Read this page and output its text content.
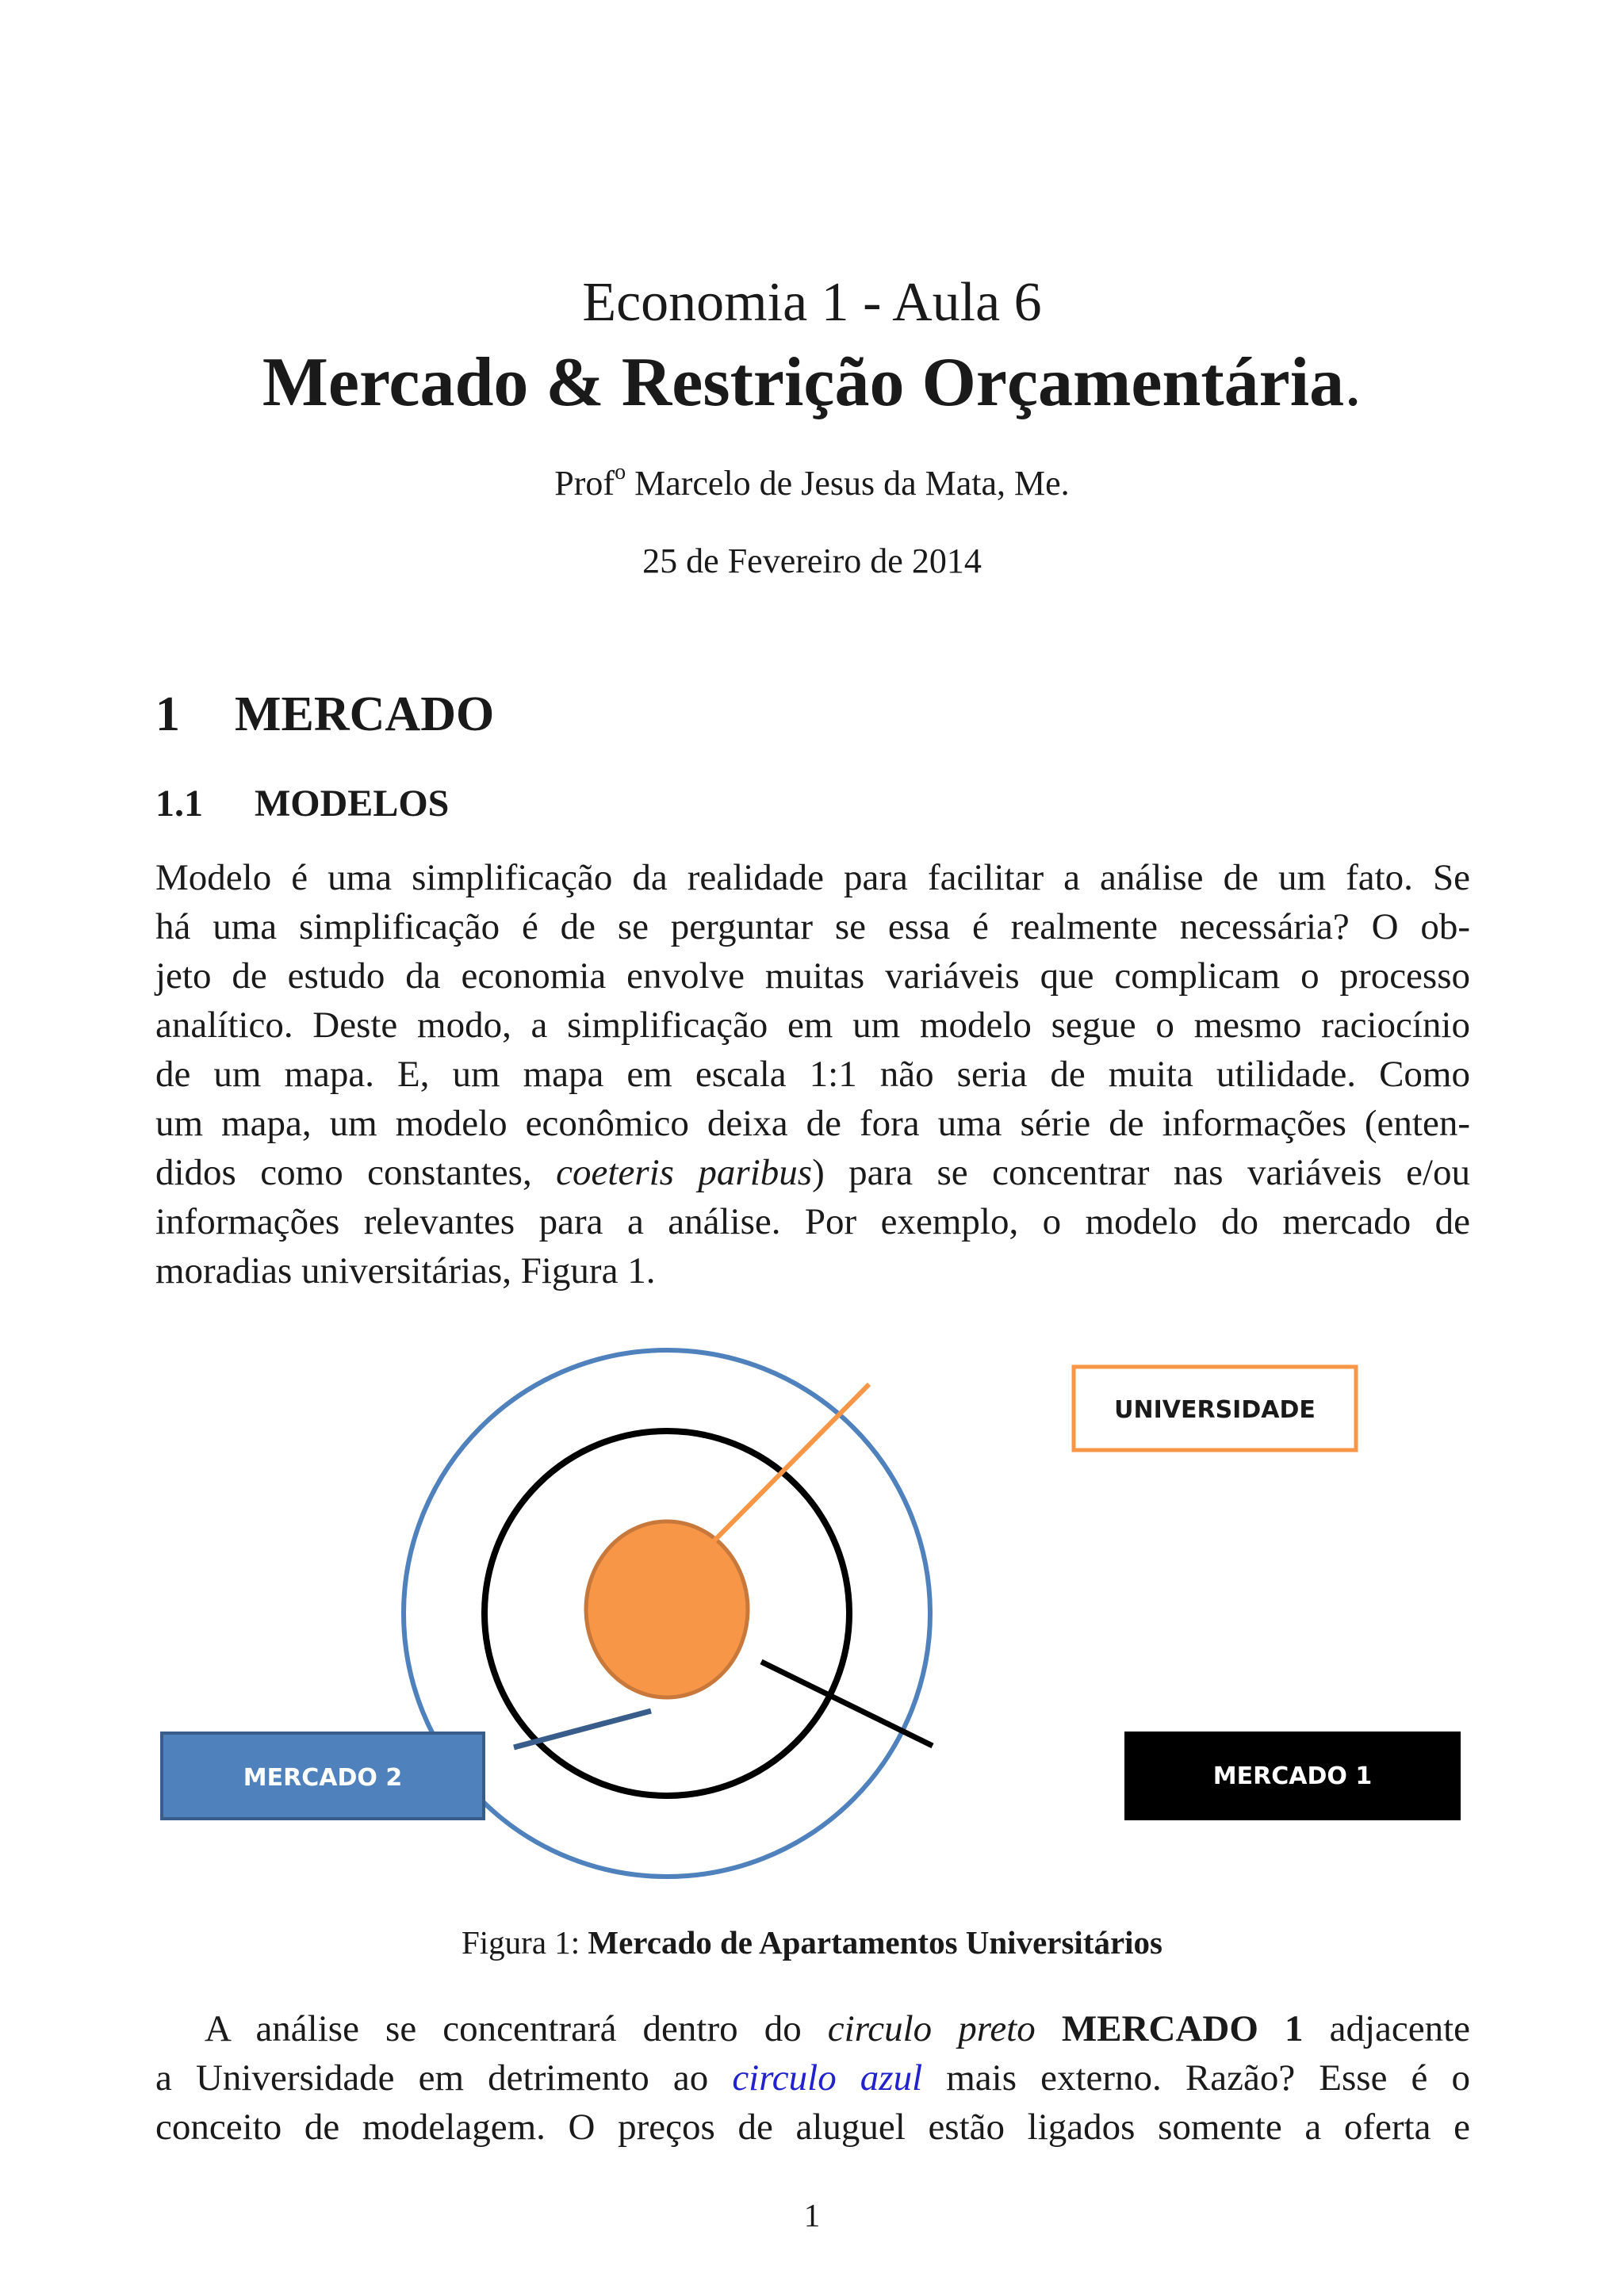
Economia 1 - Aula 6
Mercado & Restrição Orçamentária.
Prof$^o$ Marcelo de Jesus da Mata, Me.
25 de Fevereiro de 2014
1 MERCADO
1.1 MODELOS
Modelo é uma simplificação da realidade para facilitar a análise de um fato. Se
há uma simplificação é de se perguntar se essa é realmente necessária? O ob-
jeto de estudo da economia envolve muitas variáveis que complicam o processo
analítico. Deste modo, a simplificação em um modelo segue o mesmo raciocínio
de um mapa. E, um mapa em escala 1:1 não seria de muita utilidade. Como
um mapa, um modelo econômico deixa de fora uma série de informações (enten-
didos como constantes, coeteris paribus) para se concentrar nas variáveis e/ou
informações relevantes para a análise. Por exemplo, o modelo do mercado de
moradias universitárias, Figura 1.
UNIVERSIDADE
MERCADO 2	MERCADO 1
Figura 1: Mercado de Apartamentos Universitários
A análise se concentrará dentro do circulo preto MERCADO 1 adjacente
a Universidade em detrimento ao circulo azul mais externo. Razão? Esse é o
conceito de modelagem. O preços de aluguel estão ligados somente a oferta e
1
